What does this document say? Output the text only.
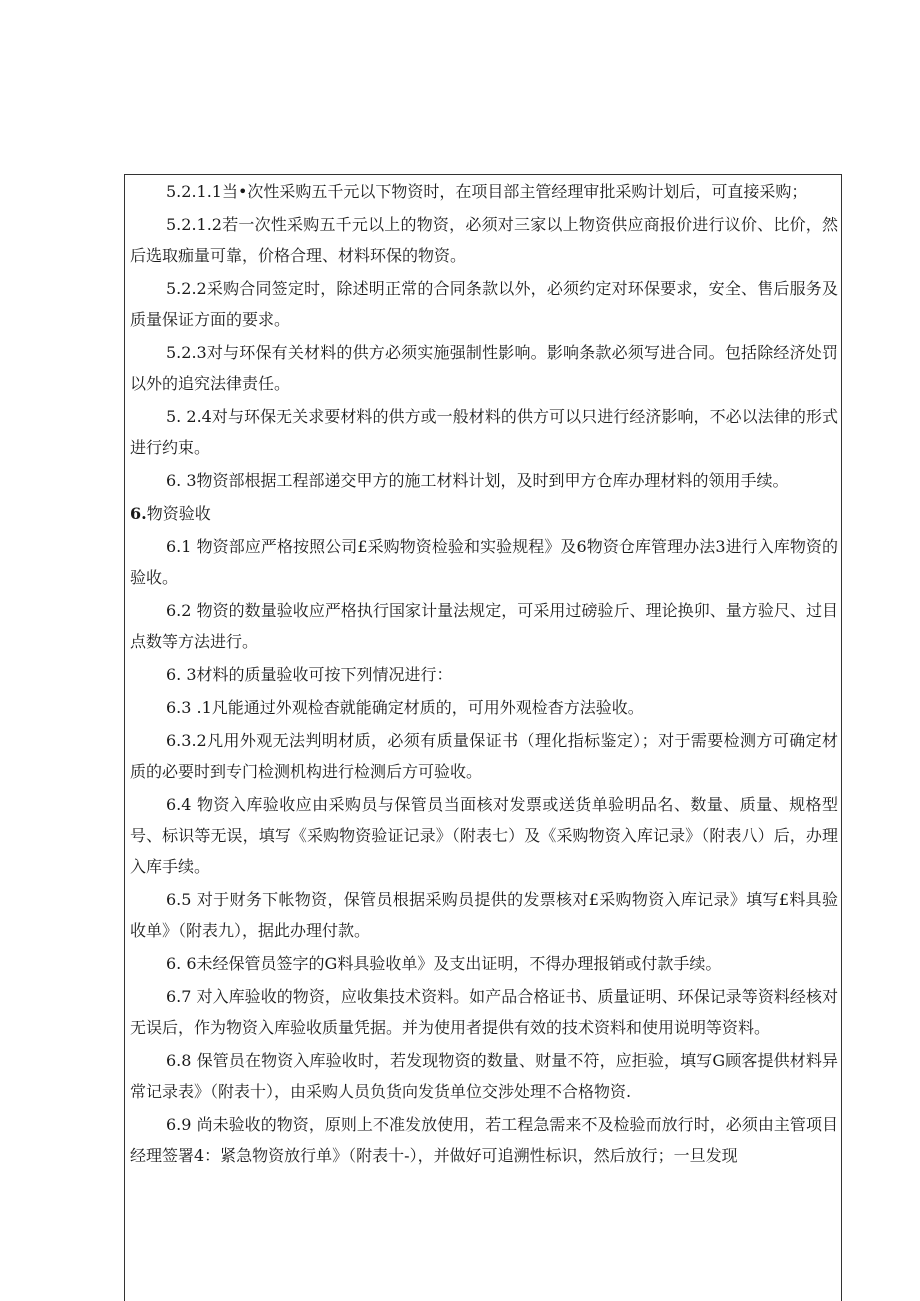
5.2.1.1当•次性采购五千元以下物资时，在项目部主管经理审批采购计划后，可直接采购；

5.2.1.2若一次性采购五千元以上的物资，必须对三家以上物资供应商报价进行议价、比价，然后选取痂量可靠，价格合理、材料环保的物资。

5.2.2采购合同签定时，除述明正常的合同条款以外，必须约定对环保要求，安全、售后服务及质量保证方面的要求。

5.2.3对与环保有关材料的供方必须实施强制性影响。影响条款必须写进合同。包括除经济处罚以外的追究法律责任。

5. 2.4对与环保无关求要材料的供方或一般材料的供方可以只进行经济影响，不必以法律的形式进行约束。

6. 3物资部根据工程部递交甲方的施工材料计划，及时到甲方仓库办理材料的领用手续。

6.物资验收

6.1 物资部应严格按照公司£采购物资检验和实验规程》及6物资仓库管理办法3进行入库物资的验收。

6.2 物资的数量验收应严格执行国家计量法规定，可采用过磅验斤、理论换卯、量方验尺、过目点数等方法进行。

6. 3材料的质量验收可按下列情况进行：

6.3 .1凡能通过外观检杳就能确定材质的，可用外观检杳方法验收。

6.3.2凡用外观无法判明材质，必须有质量保证书（理化指标鉴定）；对于需要检测方可确定材质的必要时到专门检测机构进行检测后方可验收。

6.4 物资入库验收应由采购员与保管员当面核对发票或送货单验明品名、数量、质量、规格型号、标识等无误，填写《采购物资验证记录》（附表七）及《采购物资入库记录》（附表八）后，办理入库手续。

6.5 对于财务下帐物资，保管员根据采购员提供的发票核对£采购物资入库记录》填写£料具验收单》（附表九），据此办理付款。

6. 6未经保管员签字的G料具验收单》及支出证明，不得办理报销或付款手续。

6.7 对入库验收的物资，应收集技术资料。如产品合格证书、质量证明、环保记录等资料经核对无误后，作为物资入库验收质量凭据。并为使用者提供有效的技术资料和使用说明等资料。

6.8 保管员在物资入库验收时，若发现物资的数量、财量不符，应拒验，填写G顾客提供材料异常记录表》（附表十），由采购人员负货向发货单位交涉处理不合格物资.

6.9 尚未验收的物资，原则上不准发放使用，若工程急需来不及检验而放行时，必须由主管项目经理签署4：紧急物资放行单》（附表十-），并做好可追溯性标识，然后放行；一旦发现
